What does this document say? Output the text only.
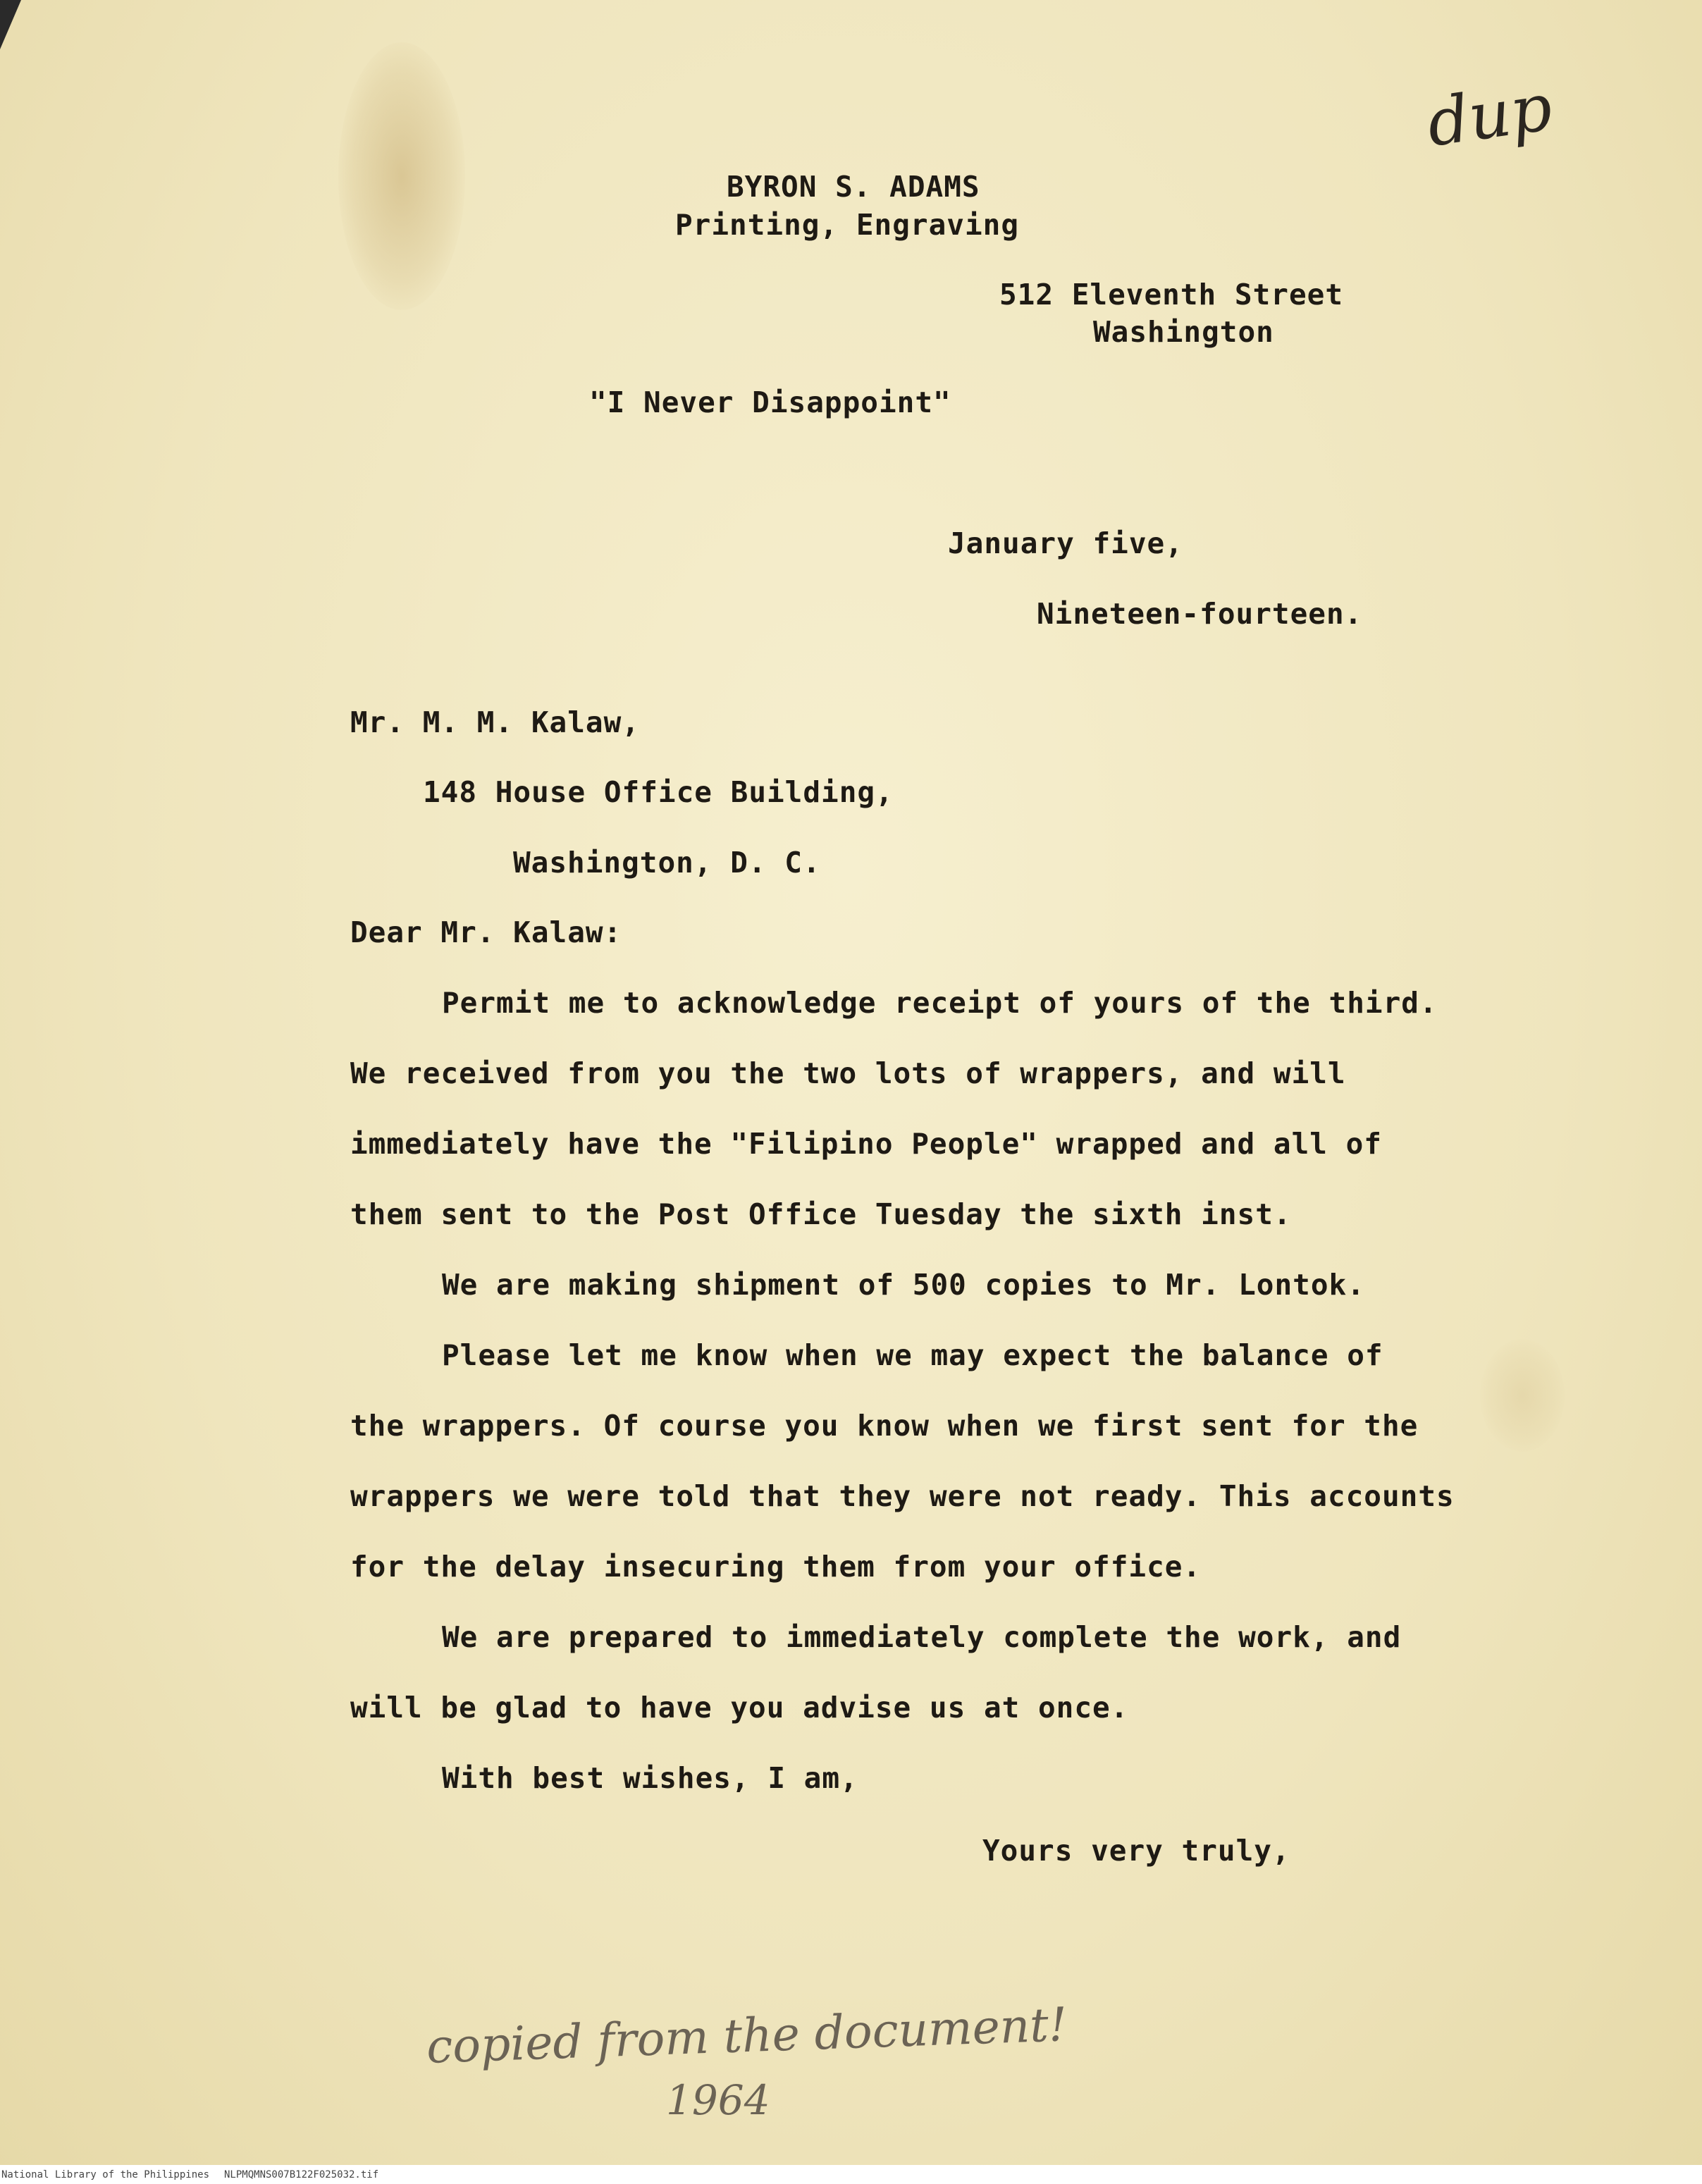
BYRON S. ADAMS
Printing, Engraving
512 Eleventh Street
Washington
"I Never Disappoint"
January five,
Nineteen-fourteen.
Mr. M. M. Kalaw,
148 House Office Building,
Washington, D. C.
Dear Mr. Kalaw:
Permit me to acknowledge receipt of yours of the third.
We received from you the two lots of wrappers, and will
immediately have the "Filipino People" wrapped and all of
them sent to the Post Office Tuesday the sixth inst.
We are making shipment of 500 copies to Mr. Lontok.
Please let me know when we may expect the balance of
the wrappers. Of course you know when we first sent for the
wrappers we were told that they were not ready. This accounts
for the delay insecuring them from your office.
We are prepared to immediately complete the work, and
will be glad to have you advise us at once.
With best wishes, I am,
Yours very truly,
dup
copied from the document!
1964
National Library of the Philippines NLPMQMNS007B122F025032.tif
